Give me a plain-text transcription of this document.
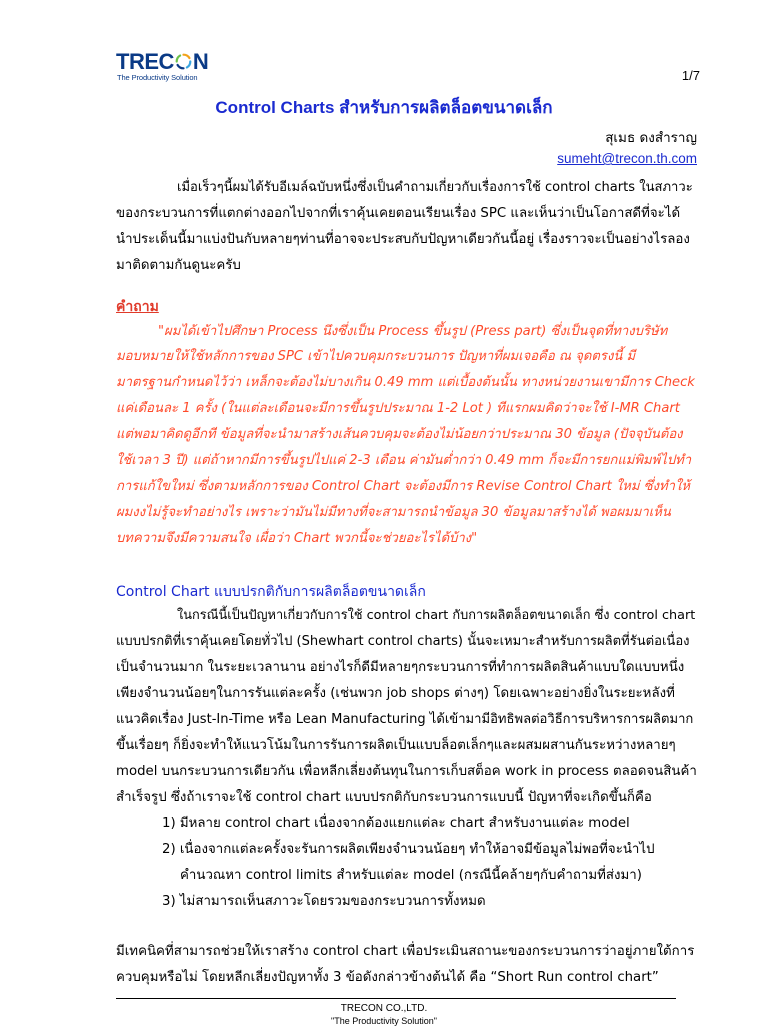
TREC N
The Productivity Solution	1/7
Control Charts สำหรับการผลิตล็อตขนาดเล็ก
สุเมธ ดงสำราญ
sumeht@trecon.th.com
เมื่อเร็วๆนี้ผมได้รับอีเมล์ฉบับหนึ่งซึ่งเป็นคำถามเกี่ยวกับเรื่องการใช้ control charts ในสภาวะ
ของกระบวนการที่แตกต่างออกไปจากที่เราคุ้นเคยตอนเรียนเรื่อง SPC และเห็นว่าเป็นโอกาสดีที่จะได้
นำประเด็นนี้มาแบ่งปันกับหลายๆท่านที่อาจจะประสบกับปัญหาเดียวกันนี้อยู่ เรื่องราวจะเป็นอย่างไรลอง
มาติดตามกันดูนะครับ
คำถาม
"ผมได้เข้าไปศึกษา Process นึงซึ่งเป็น Process ขึ้นรูป (Press part) ซึ่งเป็นจุดที่ทางบริษัท
มอบหมายให้ใช้หลักการของ SPC เข้าไปควบคุมกระบวนการ ปัญหาที่ผมเจอคือ ณ จุดตรงนี้ มี
มาตรฐานกำหนดไว้ว่า เหล็กจะต้องไม่บางเกิน 0.49 mm แต่เบื้องต้นนั้น ทางหน่วยงานเขามีการ Check
แค่เดือนละ 1 ครั้ง (ในแต่ละเดือนจะมีการขึ้นรูปประมาณ 1-2 Lot ) ทีแรกผมคิดว่าจะใช้ I-MR Chart
แต่พอมาคิดดูอีกที ข้อมูลที่จะนำมาสร้างเส้นควบคุมจะต้องไม่น้อยกว่าประมาณ 30 ข้อมูล (ปัจจุบันต้อง
ใช้เวลา 3 ปี) แต่ถ้าหากมีการขึ้นรูปไปแค่ 2-3 เดือน ค่ามันต่ำกว่า 0.49 mm ก็จะมีการยกแม่พิมพ์ไปทำ
การแก้ใขใหม่ ซึ่งตามหลักการของ Control Chart จะต้องมีการ Revise Control Chart ใหม่ ซึ่งทำให้
ผมงงไม่รู้จะทำอย่างไร เพราะว่ามันไม่มีทางที่จะสามารถนำข้อมูล 30 ข้อมูลมาสร้างได้ พอผมมาเห็น
บทความจึงมีความสนใจ เผื่อว่า Chart พวกนี้จะช่วยอะไรได้บ้าง"
Control Chart แบบปรกติกับการผลิตล็อตขนาดเล็ก
ในกรณีนี้เป็นปัญหาเกี่ยวกับการใช้ control chart กับการผลิตล็อตขนาดเล็ก ซึ่ง control chart
แบบปรกติที่เราคุ้นเคยโดยทั่วไป (Shewhart control charts) นั้นจะเหมาะสำหรับการผลิตที่รันต่อเนื่อง
เป็นจำนวนมาก ในระยะเวลานาน อย่างไรก็ดีมีหลายๆกระบวนการที่ทำการผลิตสินค้าแบบใดแบบหนึ่ง
เพียงจำนวนน้อยๆในการรันแต่ละครั้ง (เช่นพวก job shops ต่างๆ) โดยเฉพาะอย่างยิ่งในระยะหลังที่
แนวคิดเรื่อง Just-In-Time หรือ Lean Manufacturing ได้เข้ามามีอิทธิพลต่อวิธีการบริหารการผลิตมาก
ขึ้นเรื่อยๆ ก็ยิ่งจะทำให้แนวโน้มในการรันการผลิตเป็นแบบล็อตเล็กๆและผสมผสานกันระหว่างหลายๆ
model บนกระบวนการเดียวกัน เพื่อหลีกเลี่ยงต้นทุนในการเก็บสต็อค work in process ตลอดจนสินค้า
สำเร็จรูป ซึ่งถ้าเราจะใช้ control chart แบบปรกติกับกระบวนการแบบนี้ ปัญหาที่จะเกิดขึ้นก็คือ
1) มีหลาย control chart เนื่องจากต้องแยกแต่ละ chart สำหรับงานแต่ละ model
2) เนื่องจากแต่ละครั้งจะรันการผลิตเพียงจำนวนน้อยๆ ทำให้อาจมีข้อมูลไม่พอที่จะนำไป
คำนวณหา control limits สำหรับแต่ละ model (กรณีนี้คล้ายๆกับคำถามที่ส่งมา)
3) ไม่สามารถเห็นสภาวะโดยรวมของกระบวนการทั้งหมด
มีเทคนิคที่สามารถช่วยให้เราสร้าง control chart เพื่อประเมินสถานะของกระบวนการว่าอยู่ภายใต้การ
ควบคุมหรือไม่ โดยหลีกเลี่ยงปัญหาทั้ง 3 ข้อดังกล่าวข้างต้นได้ คือ “Short Run control chart”
TRECON CO.,LTD.
"The Productivity Solution"
